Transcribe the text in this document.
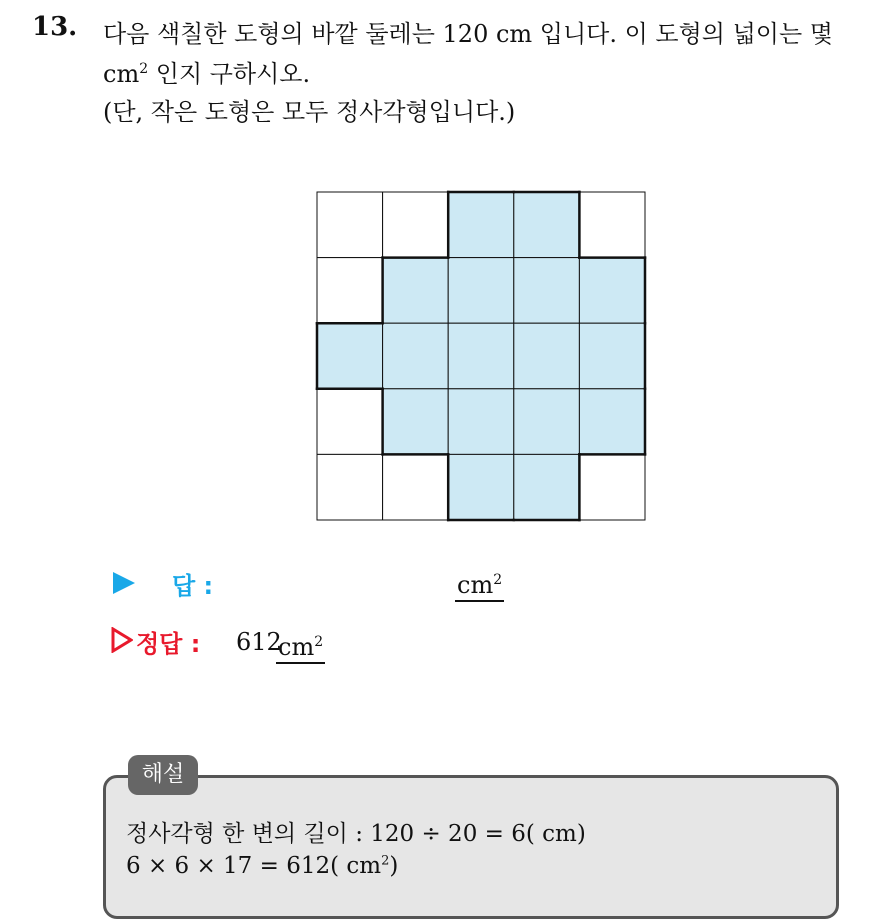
13. 다음 색칠한 도형의 바깥 둘레는 120 cm 입니다. 이 도형의 넓이는 몇
$cm^2$ 인지 구하시오.
(단, 작은 도형은 모두 정사각형입니다.)
답 :	$cm^2$
정답 : 612
$cm^2$
해설
정사각형 한 변의 길이 : 120 ÷ 20 = 6( cm)
6 × 6 × 17 = 612( $cm^2$)
